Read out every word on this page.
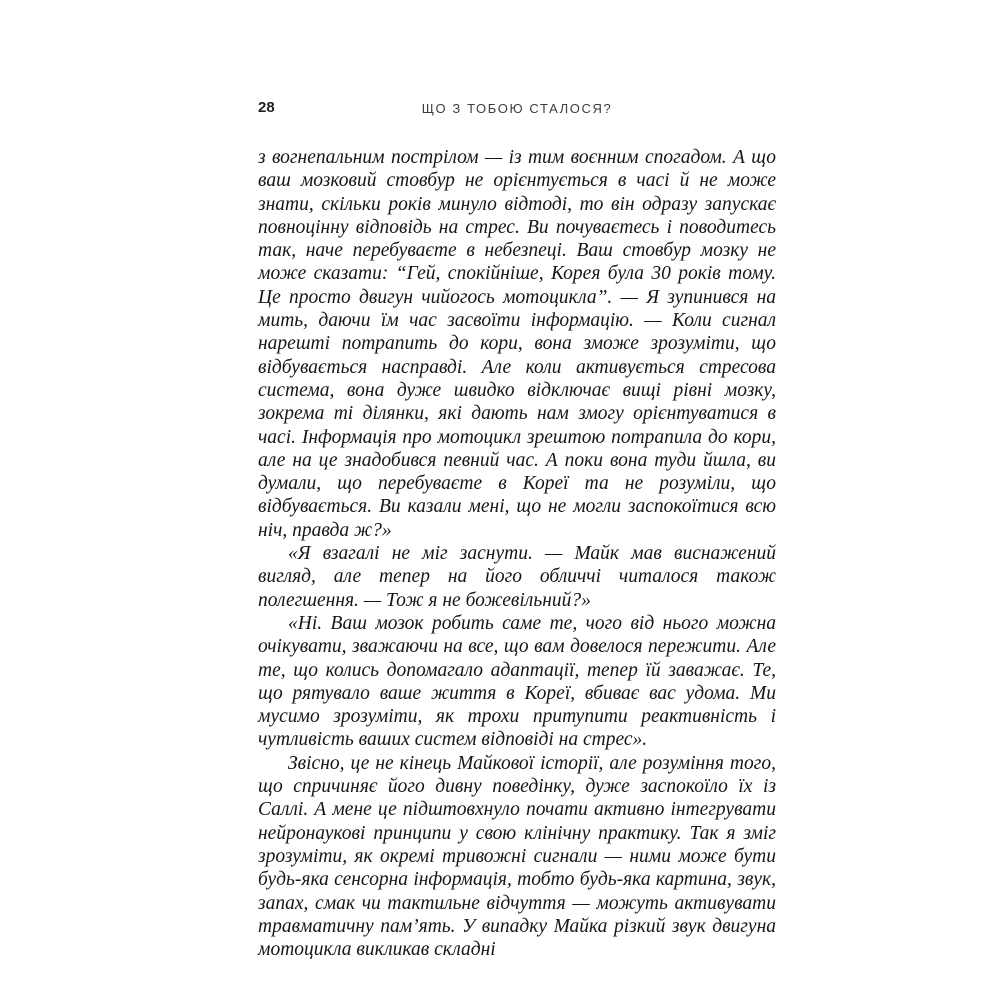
28	ЩО З ТОБОЮ СТАЛОСЯ?

з вогнепальним пострілом — із тим воєнним спогадом. А що ваш мозковий стовбур не орієнтується в часі й не може знати, скільки років минуло відтоді, то він одразу запускає повноцінну відповідь на стрес. Ви почуваєтесь і поводитесь так, наче перебуваєте в небезпеці. Ваш стовбур мозку не може сказати: “Гей, спокійніше, Корея була 30 років тому. Це просто двигун чийогось мотоцикла”. — Я зупинився на мить, даючи їм час засвоїти інформацію. — Коли сигнал нарешті потрапить до кори, вона зможе зрозуміти, що відбувається насправді. Але коли активується стресова система, вона дуже швидко відключає вищі рівні мозку, зокрема ті ділянки, які дають нам змогу орієнтуватися в часі. Інформація про мотоцикл зрештою потрапила до кори, але на це знадобився певний час. А поки вона туди йшла, ви думали, що перебуваєте в Кореї та не розуміли, що відбувається. Ви казали мені, що не могли заспокоїтися всю ніч, правда ж?»

«Я взагалі не міг заснути. — Майк мав виснажений вигляд, але тепер на його обличчі читалося також полегшення. — Тож я не божевільний?»

«Ні. Ваш мозок робить саме те, чого від нього можна очікувати, зважаючи на все, що вам довелося пережити. Але те, що колись допомагало адаптації, тепер їй заважає. Те, що рятувало ваше життя в Кореї, вбиває вас удома. Ми мусимо зрозуміти, як трохи притупити реактивність і чутливість ваших систем відповіді на стрес».

Звісно, це не кінець Майкової історії, але розуміння того, що спричиняє його дивну поведінку, дуже заспокоїло їх із Саллі. А мене це підштовхнуло почати активно інтегрувати нейронаукові принципи у свою клінічну практику. Так я зміг зрозуміти, як окремі тривожні сигнали — ними може бути будь-яка сенсорна інформація, тобто будь-яка картина, звук, запах, смак чи тактильне відчуття — можуть активувати травматичну пам’ять. У випадку Майка різкий звук двигуна мотоцикла викликав складні
